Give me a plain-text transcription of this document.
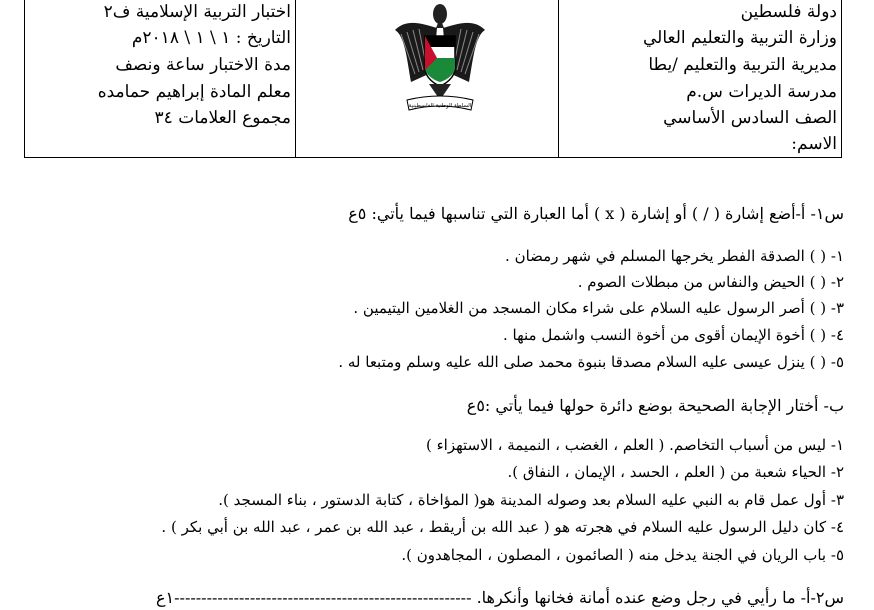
دولة فلسطين
وزارة التربية والتعليم العالي
مديرية التربية والتعليم /يطا
مدرسة الديرات س.م
الصف السادس الأساسي
الاسم:
اختبار التربية الإسلامية ف٢
التاريخ : ١ \ ١ \ ٢٠١٨م
مدة الاختبار ساعة ونصف
معلم المادة إبراهيم حمامده
مجموع العلامات ٣٤
السلطة الوطنية الفلسطينية
س١- أ-أضع إشارة ( / ) أو إشارة ( x ) أما العبارة التي تناسبها فيما يأتي: ٥ع
١- ( ) الصدقة الفطر يخرجها المسلم في شهر رمضان .
٢- ( ) الحيض والنفاس من مبطلات الصوم .
٣- ( ) أصر الرسول عليه السلام على شراء مكان المسجد من الغلامين اليتيمين .
٤- ( ) أخوة الإيمان أقوى من أخوة النسب واشمل منها .
٥- ( ) ينزل عيسى عليه السلام مصدقا بنبوة محمد صلى الله عليه وسلم ومتبعا له .
ب- أختار الإجابة الصحيحة بوضع دائرة حولها فيما يأتي :٥ع
١- ليس من أسباب التخاصم. ( العلم ، الغضب ، النميمة ، الاستهزاء )
٢- الحياء شعبة من ( العلم ، الحسد ، الإيمان ، النفاق ).
٣- أول عمل قام به النبي عليه السلام بعد وصوله المدينة هو( المؤاخاة ، كتابة الدستور ، بناء المسجد ).
٤- كان دليل الرسول عليه السلام في هجرته هو ( عبد الله بن أريقط ، عبد الله بن عمر ، عبد الله بن أبي بكر ) .
٥- باب الريان في الجنة يدخل منه ( الصائمون ، المصلون ، المجاهدون ).
س٢-أ- ما رأيي في رجل وضع عنده أمانة فخانها وأنكرها. -------------------------------------------------------١ع
